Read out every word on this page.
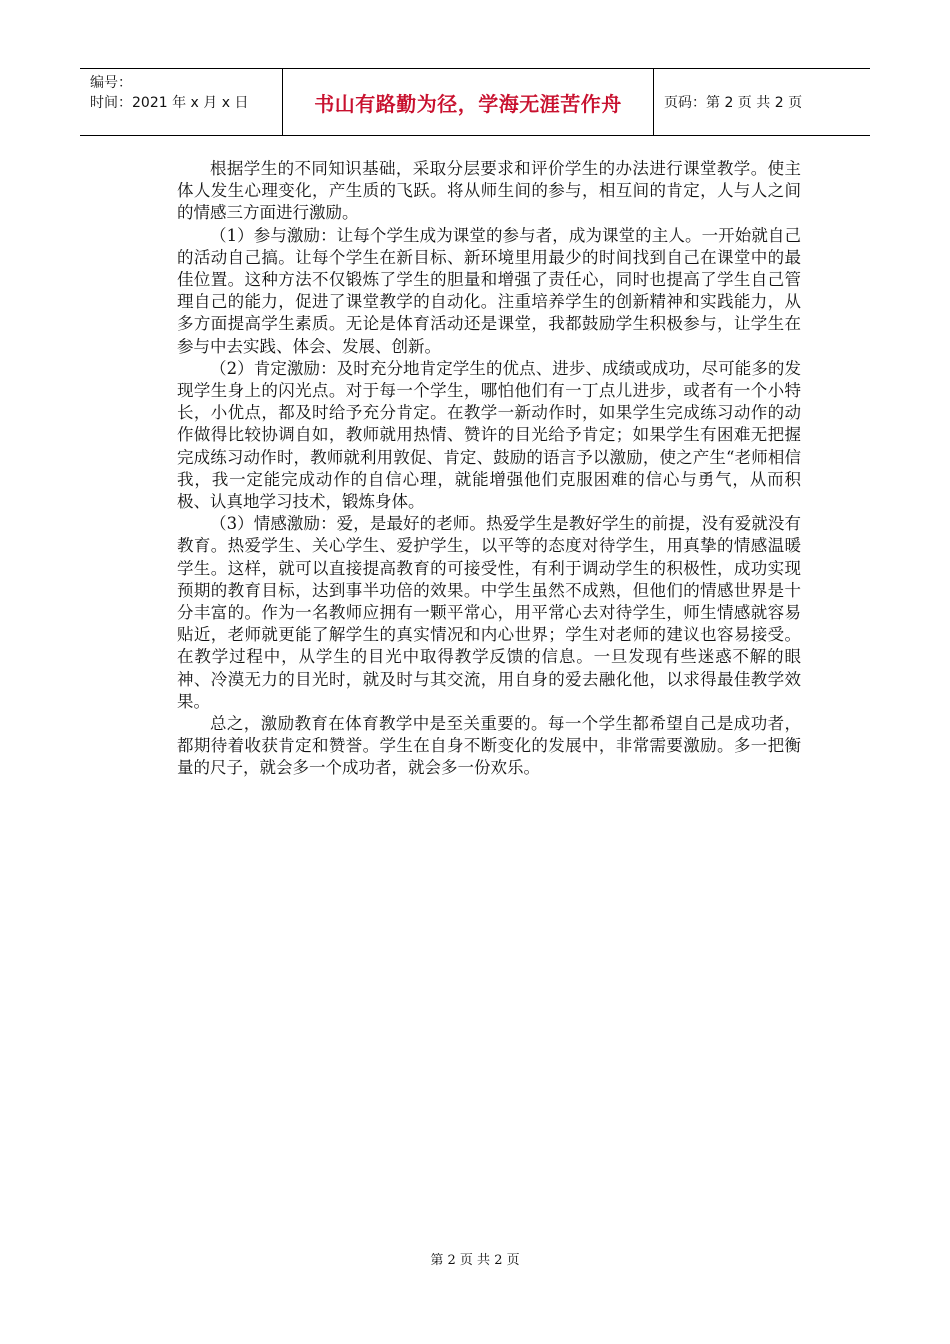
编号：
时间：2021 年 x 月 x 日	书山有路勤为径，学海无涯苦作舟	页码：第 2 页 共 2 页

根据学生的不同知识基础，采取分层要求和评价学生的办法进行课堂教学。使主体人发生心理变化，产生质的飞跃。将从师生间的参与，相互间的肯定，人与人之间的情感三方面进行激励。

（1）参与激励：让每个学生成为课堂的参与者，成为课堂的主人。一开始就自己的活动自己搞。让每个学生在新目标、新环境里用最少的时间找到自己在课堂中的最佳位置。这种方法不仅锻炼了学生的胆量和增强了责任心，同时也提高了学生自己管理自己的能力，促进了课堂教学的自动化。注重培养学生的创新精神和实践能力，从多方面提高学生素质。无论是体育活动还是课堂，我都鼓励学生积极参与，让学生在参与中去实践、体会、发展、创新。

（2）肯定激励：及时充分地肯定学生的优点、进步、成绩或成功，尽可能多的发现学生身上的闪光点。对于每一个学生，哪怕他们有一丁点儿进步，或者有一个小特长，小优点，都及时给予充分肯定。在教学一新动作时，如果学生完成练习动作的动作做得比较协调自如，教师就用热情、赞许的目光给予肯定；如果学生有困难无把握完成练习动作时，教师就利用敦促、肯定、鼓励的语言予以激励，使之产生“老师相信我，我一定能完成动作的自信心理，就能增强他们克服困难的信心与勇气，从而积极、认真地学习技术，锻炼身体。

（3）情感激励：爱，是最好的老师。热爱学生是教好学生的前提，没有爱就没有教育。热爱学生、关心学生、爱护学生，以平等的态度对待学生，用真挚的情感温暖学生。这样，就可以直接提高教育的可接受性，有利于调动学生的积极性，成功实现预期的教育目标，达到事半功倍的效果。中学生虽然不成熟，但他们的情感世界是十分丰富的。作为一名教师应拥有一颗平常心，用平常心去对待学生，师生情感就容易贴近，老师就更能了解学生的真实情况和内心世界；学生对老师的建议也容易接受。在教学过程中，从学生的目光中取得教学反馈的信息。一旦发现有些迷惑不解的眼神、冷漠无力的目光时，就及时与其交流，用自身的爱去融化他，以求得最佳教学效果。

总之，激励教育在体育教学中是至关重要的。每一个学生都希望自己是成功者，都期待着收获肯定和赞誉。学生在自身不断变化的发展中，非常需要激励。多一把衡量的尺子，就会多一个成功者，就会多一份欢乐。

第 2 页 共 2 页
